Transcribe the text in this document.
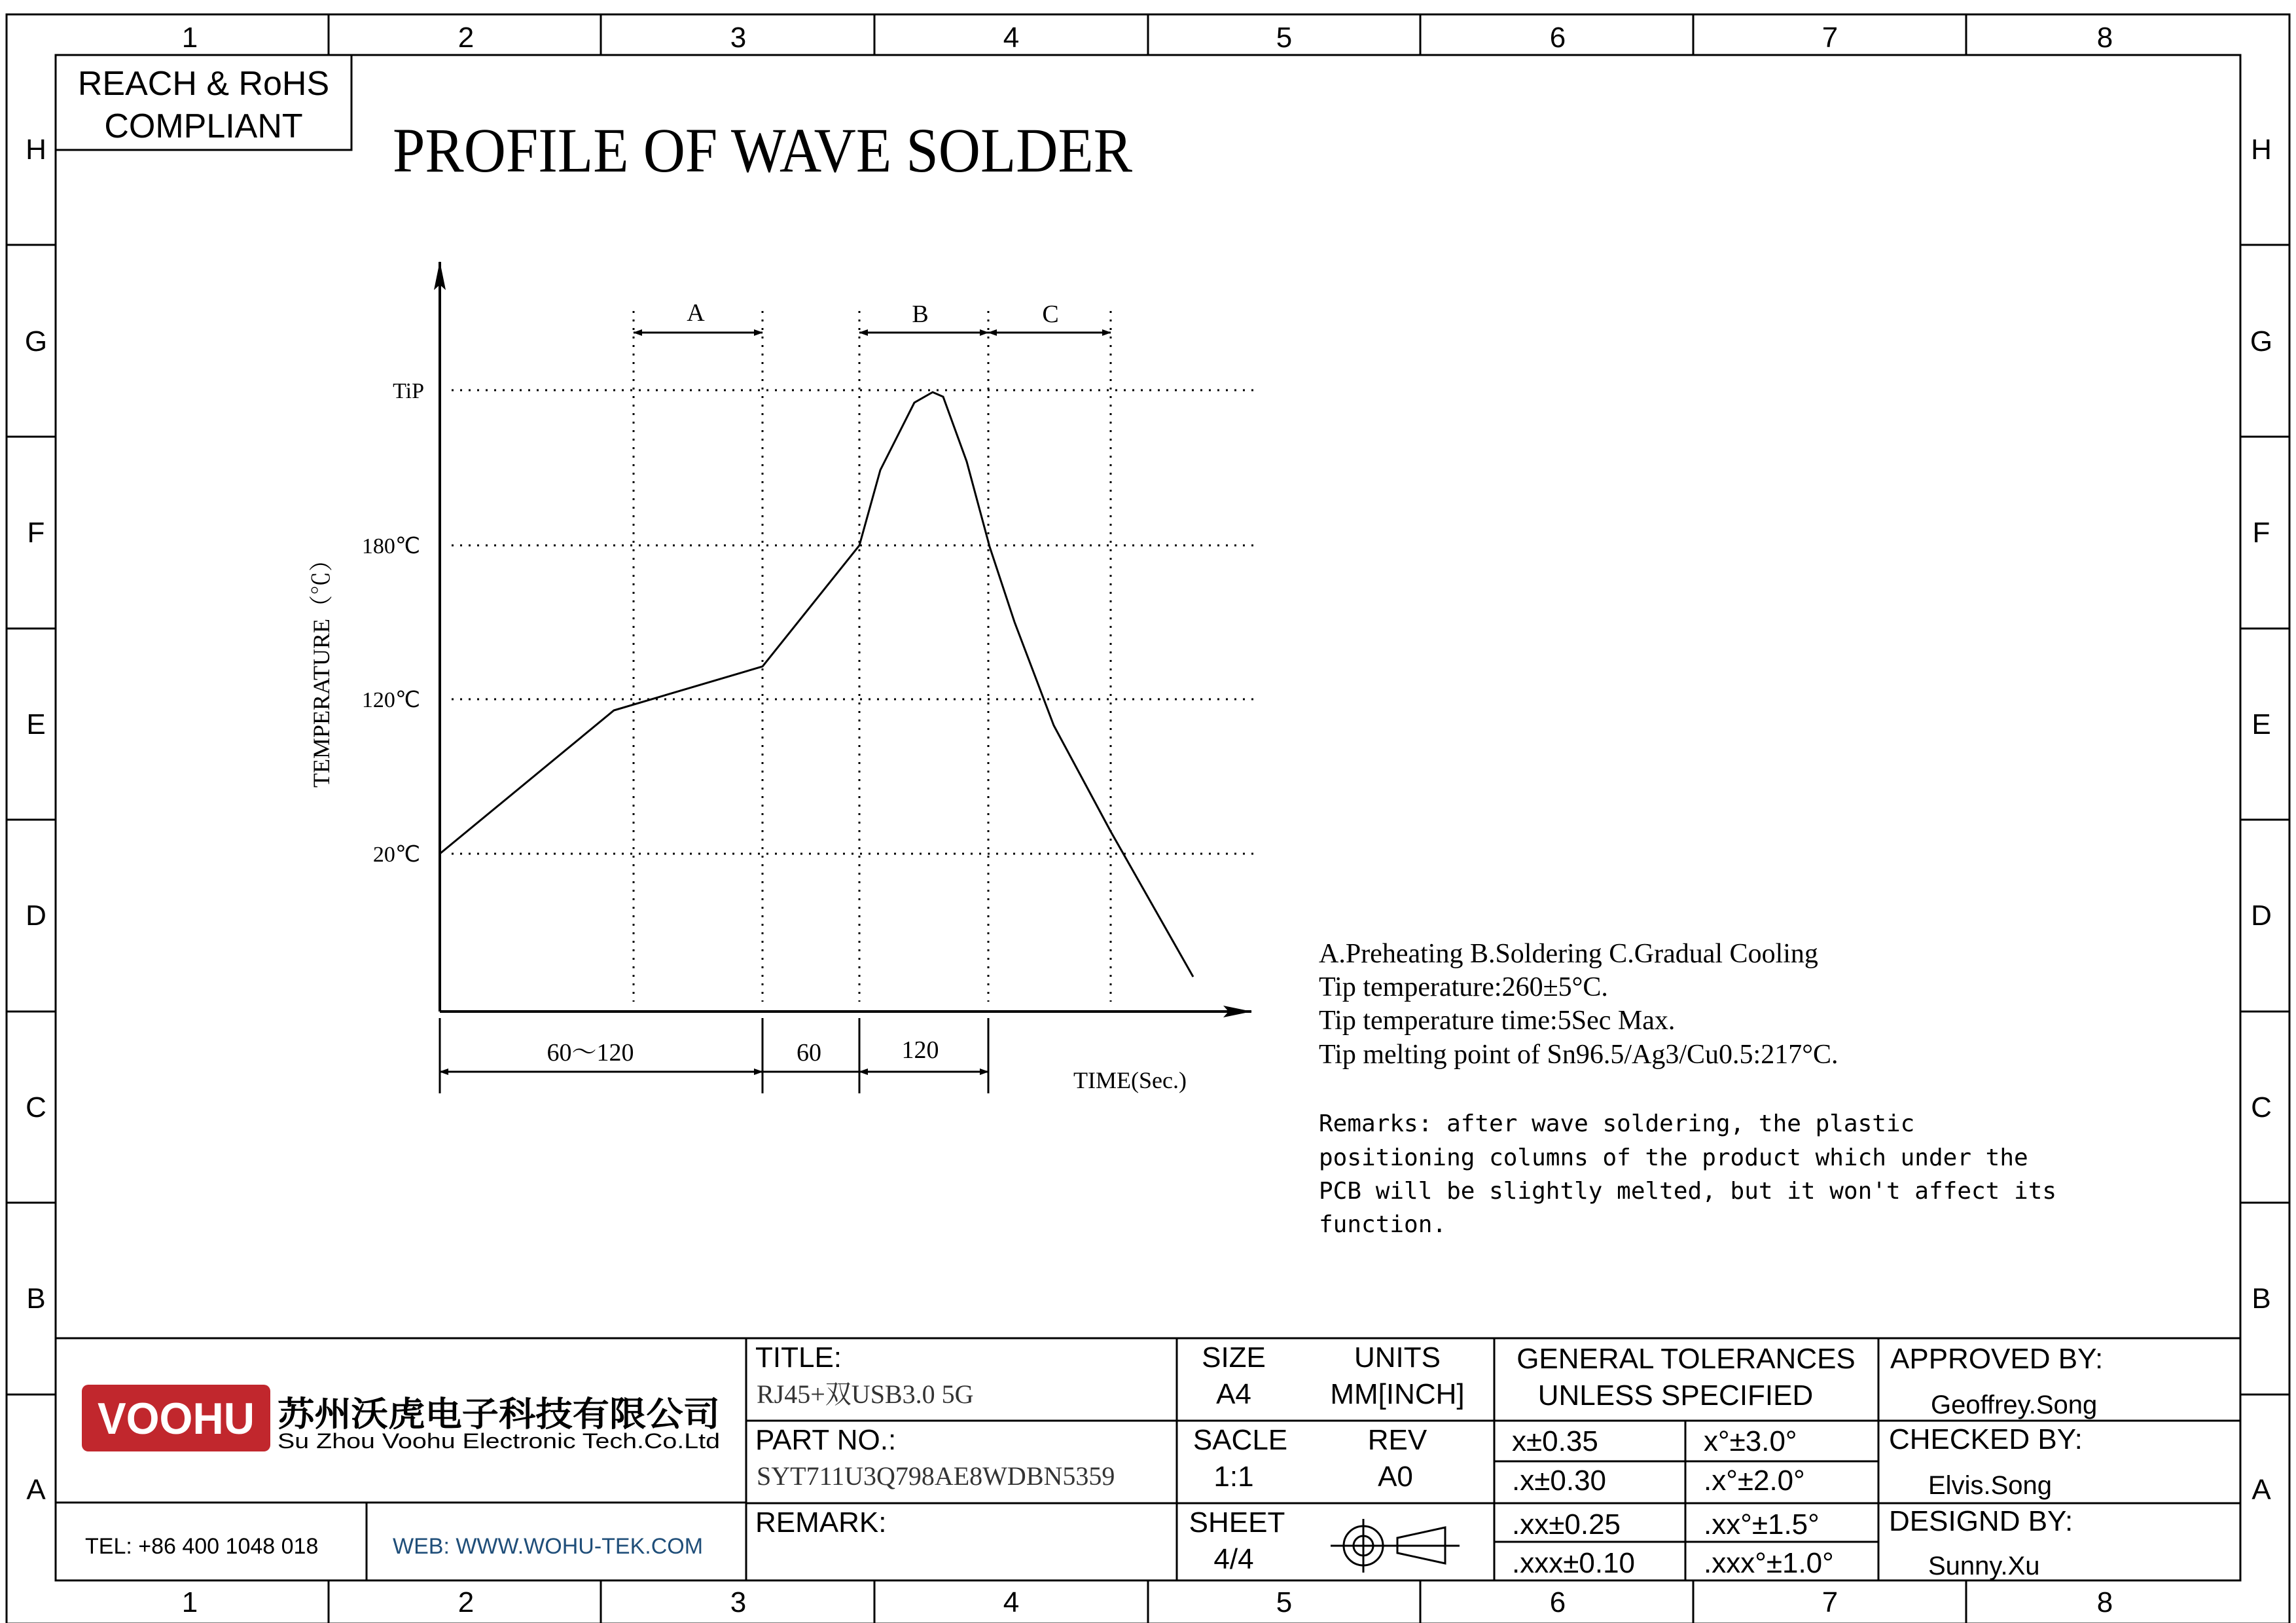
1	2	3	4	5	6	7	8
1	2	3	4	5	6	7	8
H
G
F
E
D
C
B
A
H
G
F
E
D
C
B
A
REACH & RoHS
COMPLIANT PROFILE OF WAVE SOLDER
TiP
180℃
120℃
20℃
TEMPERATURE（℃）
A	B	C
60～120	60	120
TIME(Sec.)
A.Preheating B.Soldering C.Gradual Cooling
Tip temperature:260±5°C.
Tip temperature time:5Sec Max.
Tip melting point of Sn96.5/Ag3/Cu0.5:217°C.
Remarks: after wave soldering, the plastic
positioning columns of the product which under the
PCB will be slightly melted, but it won't affect its
function.
VOOHU 苏州沃虎电子科技有限公司
Su Zhou Voohu Electronic Tech.Co.Ltd
TEL: +86 400 1048 018	WEB: WWW.WOHU-TEK.COM
TITLE:
RJ45+双USB3.0 5G
PART NO.:
SYT711U3Q798AE8WDBN5359
REMARK:
SIZE
A4
SACLE
1:1
SHEET
4/4
UNITS
MM[INCH]
REV
A0
GENERAL TOLERANCES
UNLESS SPECIFIED
x±0.35	x°±3.0°
.x±0.30	.x°±2.0°
.xx±0.25	.xx°±1.5°
.xxx±0.10 .xxx°±1.0°
APPROVED BY:
Geoffrey.Song
CHECKED BY:
Elvis.Song
DESIGND BY:
Sunny.Xu
